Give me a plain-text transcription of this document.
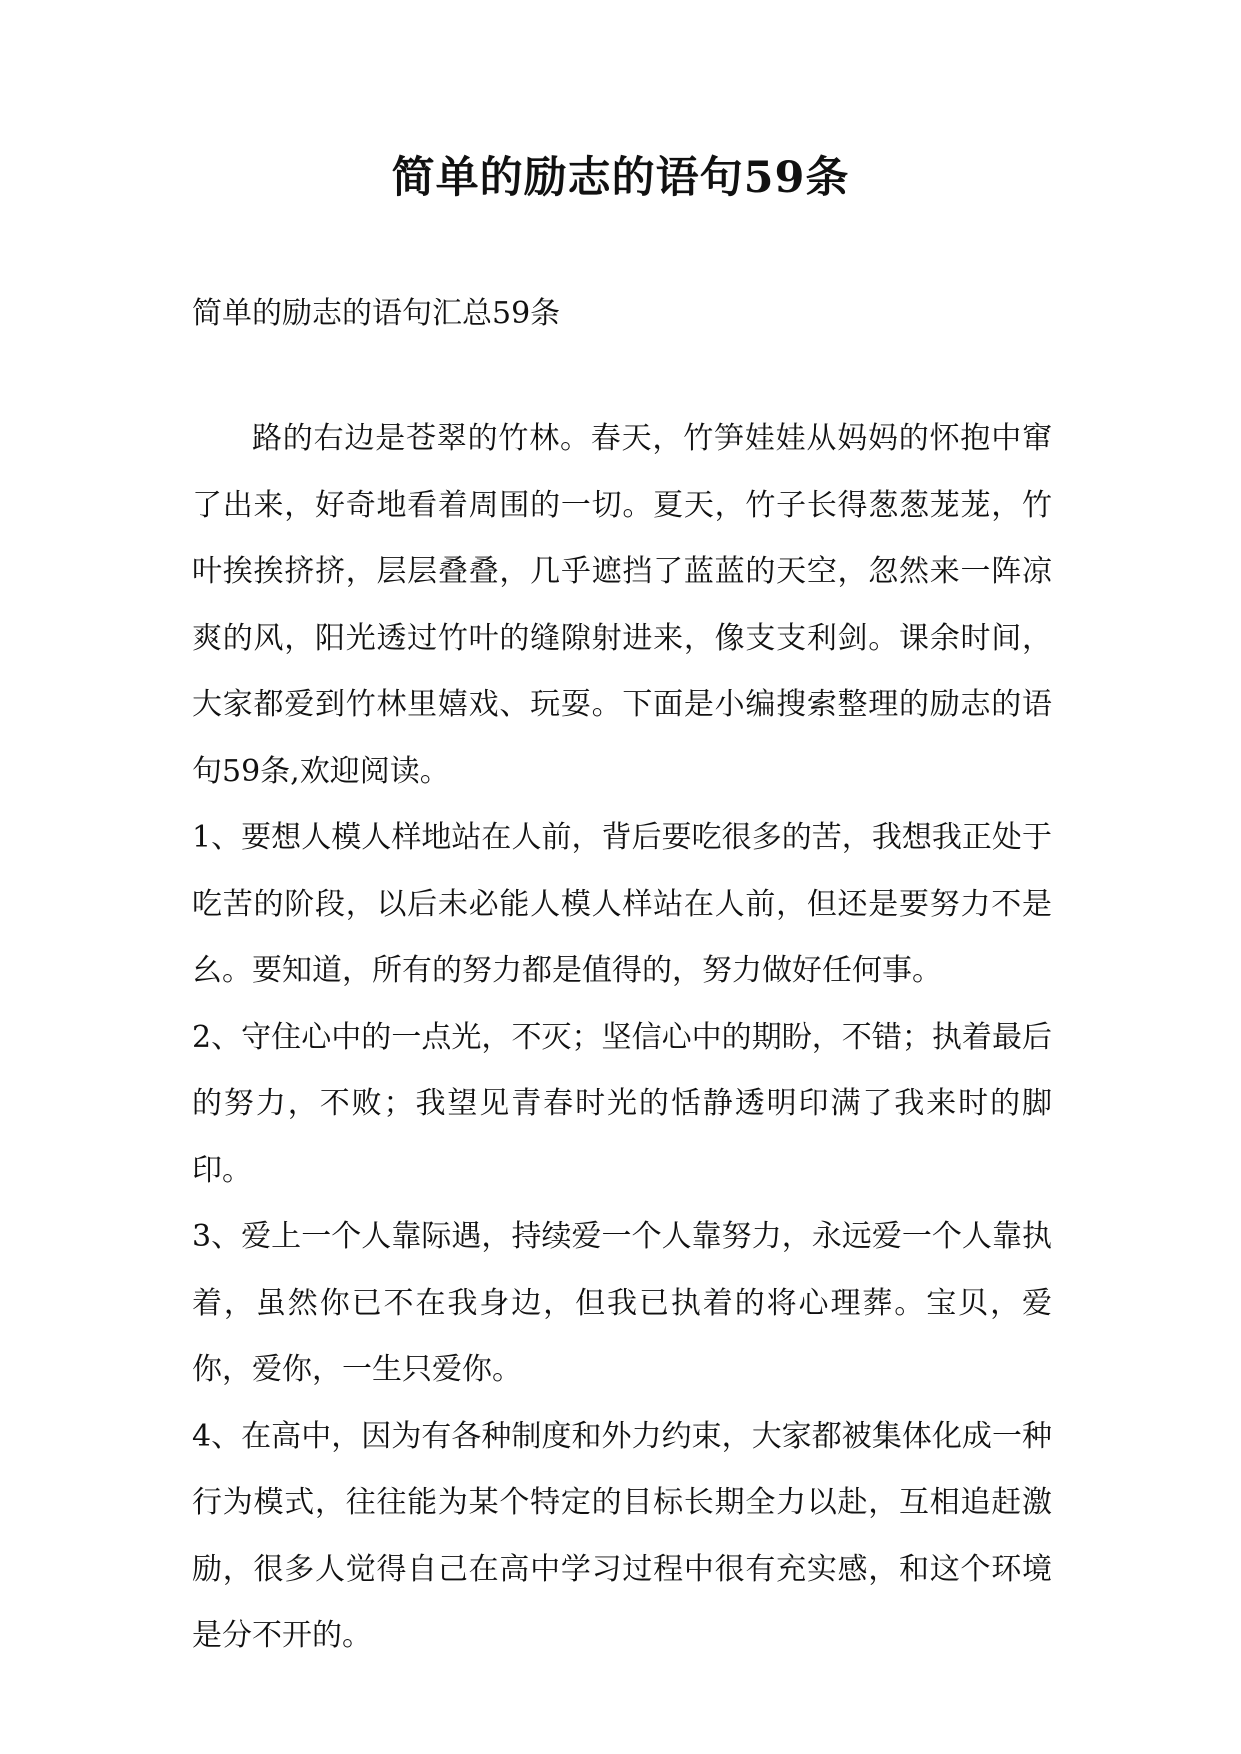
简单的励志的语句59条
简单的励志的语句汇总59条

路的右边是苍翠的竹林。春天，竹笋娃娃从妈妈的怀抱中窜了出来，好奇地看着周围的一切。夏天，竹子长得葱葱茏茏，竹叶挨挨挤挤，层层叠叠，几乎遮挡了蓝蓝的天空，忽然来一阵凉爽的风，阳光透过竹叶的缝隙射进来，像支支利剑。课余时间，大家都爱到竹林里嬉戏、玩耍。下面是小编搜索整理的励志的语句59条,欢迎阅读。

1、要想人模人样地站在人前，背后要吃很多的苦，我想我正处于吃苦的阶段，以后未必能人模人样站在人前，但还是要努力不是幺。要知道，所有的努力都是值得的，努力做好任何事。

2、守住心中的一点光，不灭；坚信心中的期盼，不错；执着最后的努力，不败；我望见青春时光的恬静透明印满了我来时的脚印。

3、爱上一个人靠际遇，持续爱一个人靠努力，永远爱一个人靠执着，虽然你已不在我身边，但我已执着的将心理葬。宝贝，爱你，爱你，一生只爱你。

4、在高中，因为有各种制度和外力约束，大家都被集体化成一种行为模式，往往能为某个特定的目标长期全力以赴，互相追赶激励，很多人觉得自己在高中学习过程中很有充实感，和这个环境是分不开的。
